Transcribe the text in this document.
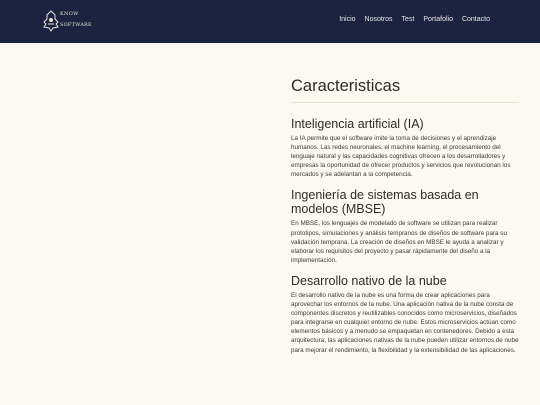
KNOW
SOFTWARE
Inicio Nosotros Test Portafolio Contacto
Caracteristicas
Inteligencia artificial (IA)

La IA permite que el software imite la toma de decisiones y el aprendizaje humanos. Las redes neuronales, el machine learning, el procesamiento del lenguaje natural y las capacidades cognitivas ofrecen a los desarrolladores y empresas la oportunidad de ofrecer productos y servicios que revolucionan los mercados y se adelantan a la competencia.

Ingeniería de sistemas basada en modelos (MBSE)

En MBSE, los lenguajes de modelado de software se utilizan para realizar prototipos, simulaciones y análisis tempranos de diseños de software para su validación temprana. La creación de diseños en MBSE le ayuda a analizar y elaborar los requisitos del proyecto y pasar rápidamente del diseño a la implementación.

Desarrollo nativo de la nube

El desarrollo nativo de la nube es una forma de crear aplicaciones para aprovechar los entornos de la nube. Una aplicación nativa de la nube consta de componentes discretos y reutilizables conocidos como microservicios, diseñados para integrarse en cualquier entorno de nube. Estos microservicios actúan como elementos básicos y a menudo se empaquetan en contenedores. Debido a esta arquitectura, las aplicaciones nativas de la nube pueden utilizar entornos de nube para mejorar el rendimiento, la flexibilidad y la extensibilidad de las aplicaciones.
